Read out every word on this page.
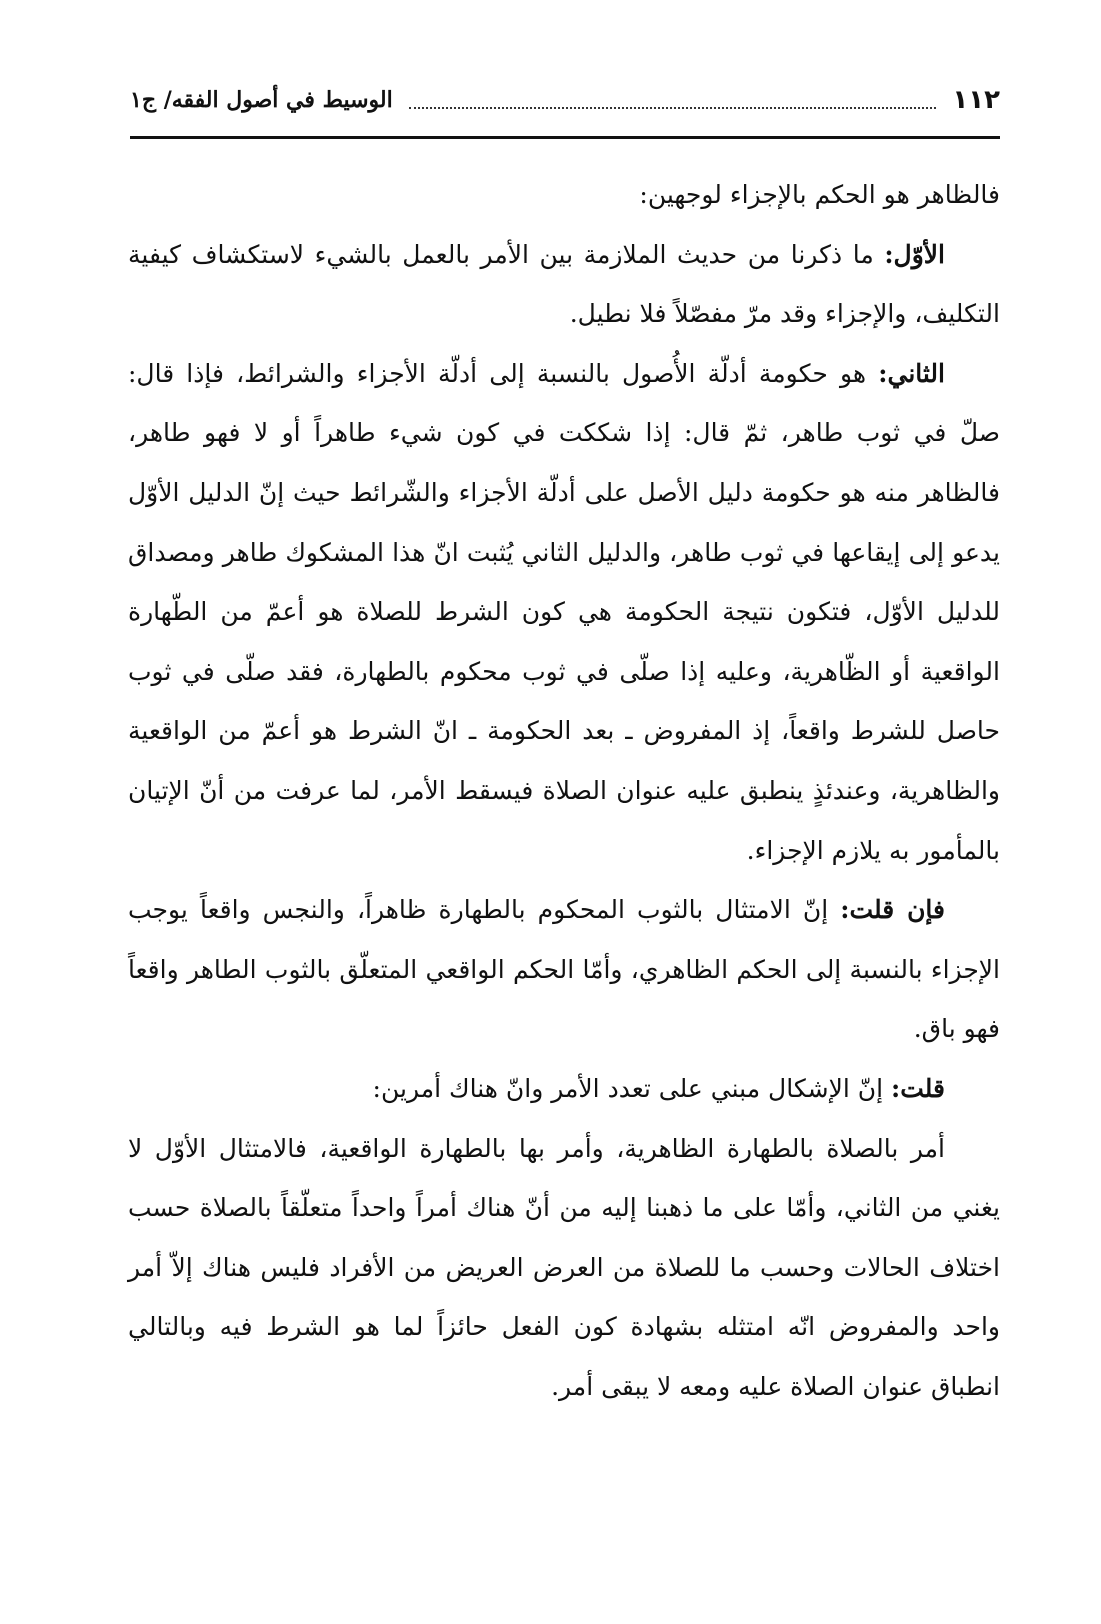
١١٢
الوسيط في أصول الفقه/ ج١

فالظاهر هو الحكم بالإجزاء لوجهين:

الأوّل: ما ذكرنا من حديث الملازمة بين الأمر بالعمل بالشيء لاستكشاف كيفية التكليف، والإجزاء وقد مرّ مفصّلاً فلا نطيل.

الثاني: هو حكومة أدلّة الأُصول بالنسبة إلى أدلّة الأجزاء والشرائط، فإذا قال: صلّ في ثوب طاهر، ثمّ قال: إذا شككت في كون شيء طاهراً أو لا فهو طاهر، فالظاهر منه هو حكومة دليل الأصل على أدلّة الأجزاء والشّرائط حيث إنّ الدليل الأوّل يدعو إلى إيقاعها في ثوب طاهر، والدليل الثاني يُثبت انّ هذا المشكوك طاهر ومصداق للدليل الأوّل، فتكون نتيجة الحكومة هي كون الشرط للصلاة هو أعمّ من الطّهارة الواقعية أو الظّاهرية، وعليه إذا صلّى في ثوب محكوم بالطهارة، فقد صلّى في ثوب حاصل للشرط واقعاً، إذ المفروض ـ بعد الحكومة ـ انّ الشرط هو أعمّ من الواقعية والظاهرية، وعندئذٍ ينطبق عليه عنوان الصلاة فيسقط الأمر، لما عرفت من أنّ الإتيان بالمأمور به يلازم الإجزاء.

فإن قلت: إنّ الامتثال بالثوب المحكوم بالطهارة ظاهراً، والنجس واقعاً يوجب الإجزاء بالنسبة إلى الحكم الظاهري، وأمّا الحكم الواقعي المتعلّق بالثوب الطاهر واقعاً فهو باق.

قلت: إنّ الإشكال مبني على تعدد الأمر وانّ هناك أمرين:

أمر بالصلاة بالطهارة الظاهرية، وأمر بها بالطهارة الواقعية، فالامتثال الأوّل لا يغني من الثاني، وأمّا على ما ذهبنا إليه من أنّ هناك أمراً واحداً متعلّقاً بالصلاة حسب اختلاف الحالات وحسب ما للصلاة من العرض العريض من الأفراد فليس هناك إلاّ أمر واحد والمفروض انّه امتثله بشهادة كون الفعل حائزاً لما هو الشرط فيه وبالتالي انطباق عنوان الصلاة عليه ومعه لا يبقى أمر.
